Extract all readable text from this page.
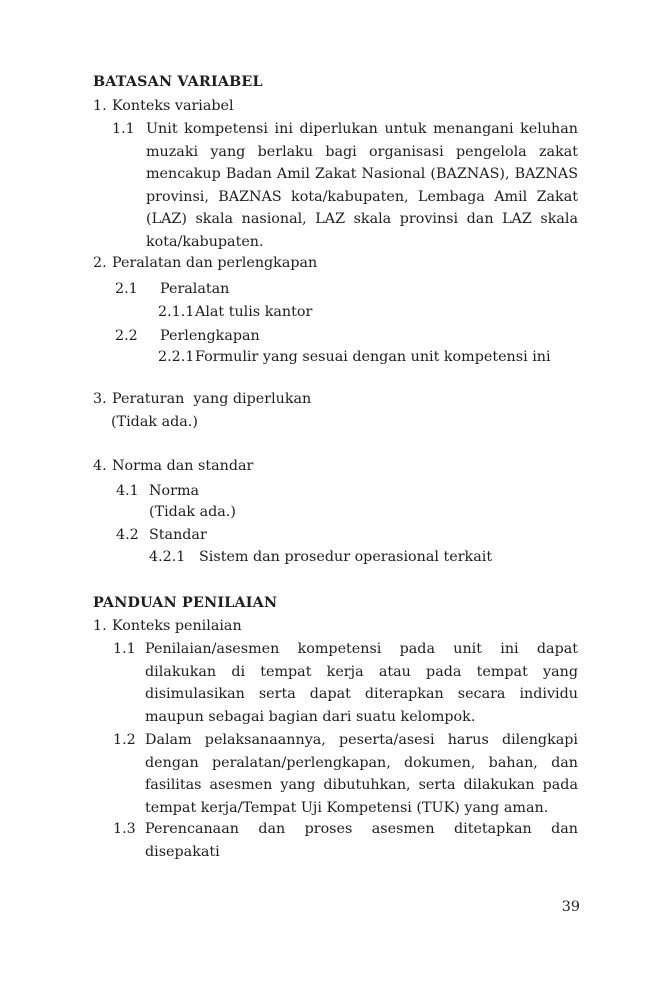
BATASAN VARIABEL
1. Konteks variabel
1.1 Unit kompetensi ini diperlukan untuk menangani keluhan muzaki yang berlaku bagi organisasi pengelola zakat mencakup Badan Amil Zakat Nasional (BAZNAS), BAZNAS provinsi, BAZNAS kota/kabupaten, Lembaga Amil Zakat (LAZ) skala nasional, LAZ skala provinsi dan LAZ skala kota/kabupaten.
2. Peralatan dan perlengkapan
2.1	Peralatan
2.1.1 Alat tulis kantor
2.2	Perlengkapan
2.2.1 Formulir yang sesuai dengan unit kompetensi ini
3. Peraturan  yang diperlukan
(Tidak ada.)
4. Norma dan standar
4.1 Norma
(Tidak ada.)
4.2 Standar
4.2.1 Sistem dan prosedur operasional terkait
PANDUAN PENILAIAN
1. Konteks penilaian
1.1 Penilaian/asesmen kompetensi pada unit ini dapat dilakukan di tempat kerja atau pada tempat yang disimulasikan serta dapat diterapkan secara individu maupun sebagai bagian dari suatu kelompok.
1.2 Dalam pelaksanaannya, peserta/asesi harus dilengkapi dengan peralatan/perlengkapan, dokumen, bahan, dan fasilitas asesmen yang dibutuhkan, serta dilakukan pada tempat kerja/Tempat Uji Kompetensi (TUK) yang aman.
1.3 Perencanaan dan proses asesmen ditetapkan dan disepakati
39
